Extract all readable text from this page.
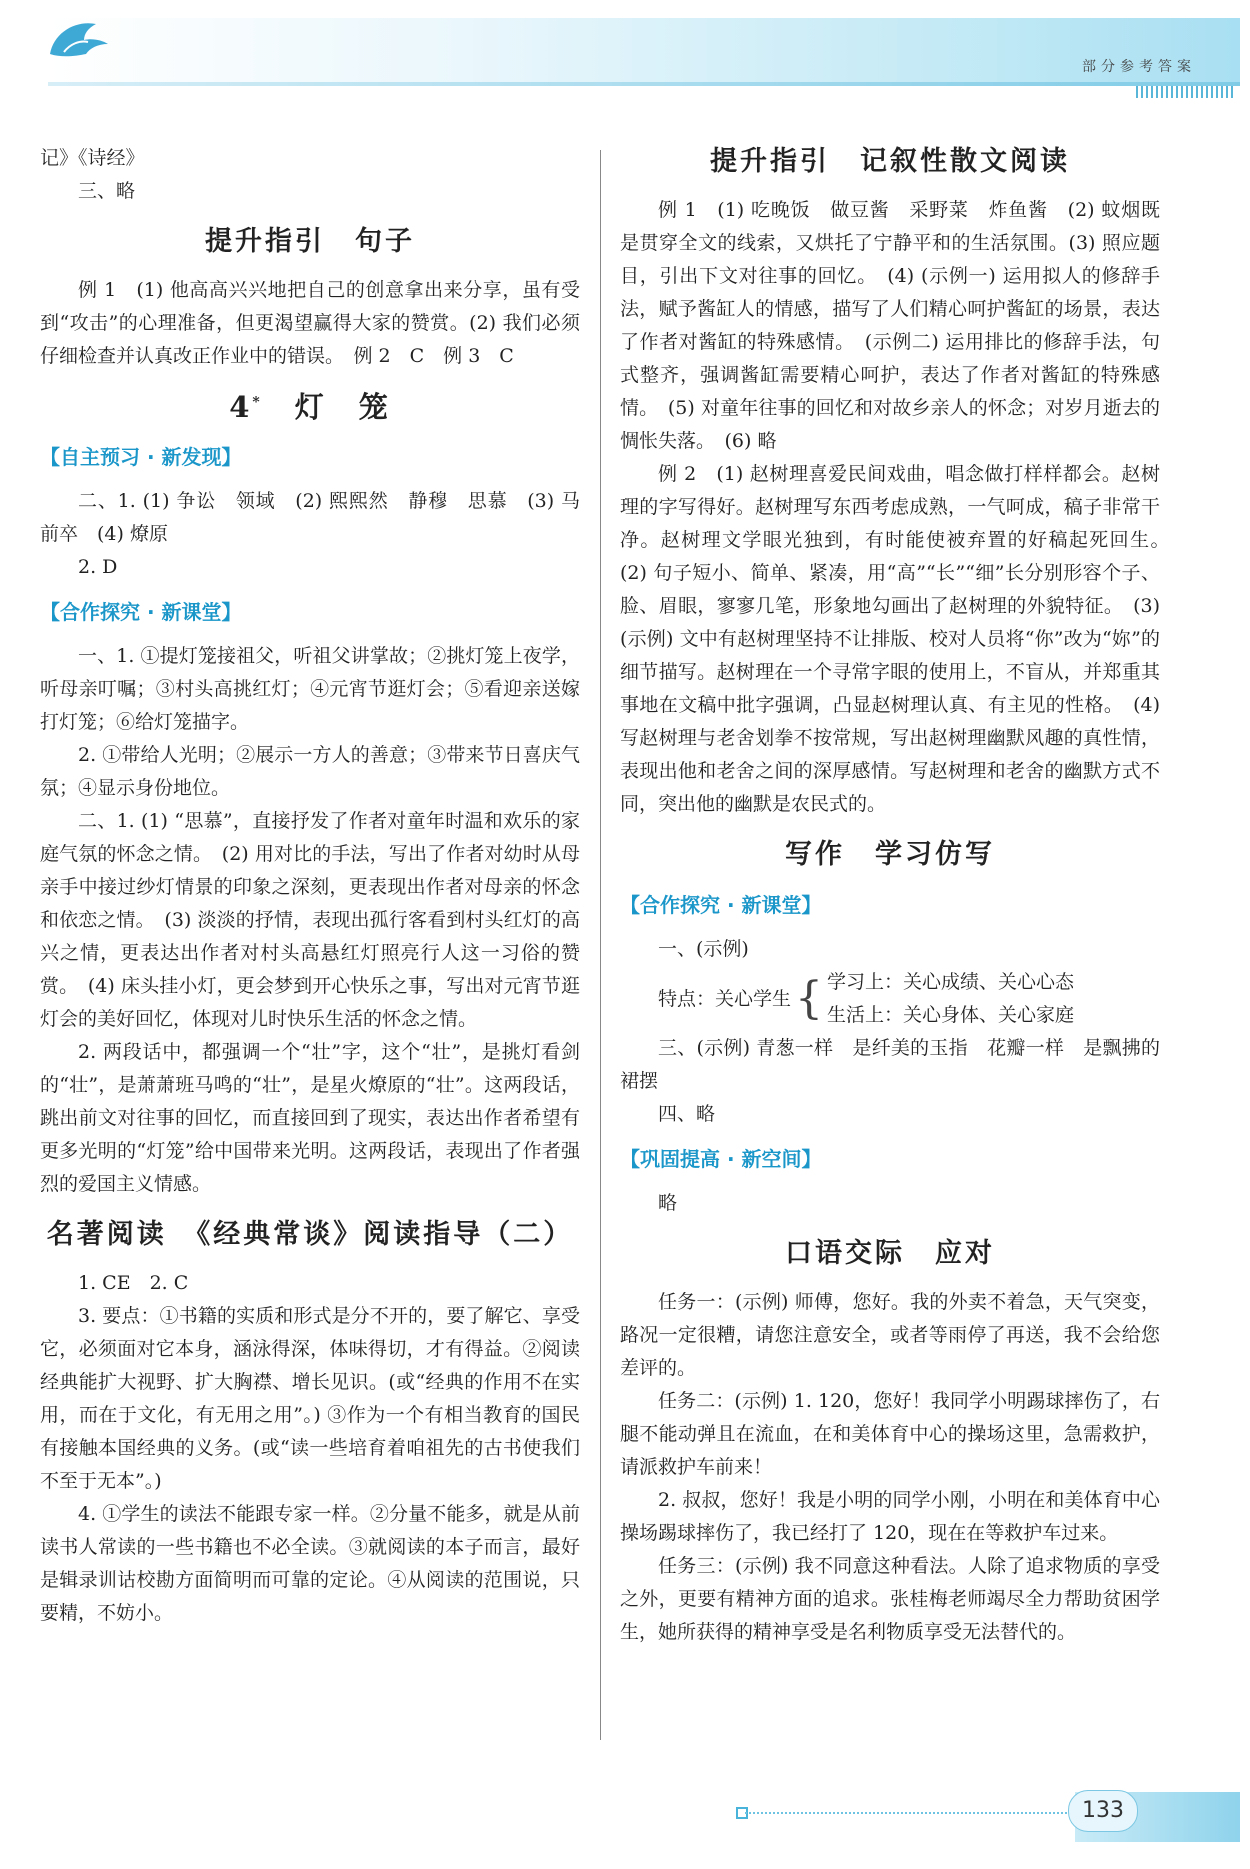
部分参考答案

记》《诗经》

三、略

提升指引　句子

例 1　(1) 他高高兴兴地把自己的创意拿出来分享，虽有受到“攻击”的心理准备，但更渴望赢得大家的赞赏。(2) 我们必须仔细检查并认真改正作业中的错误。　例 2　C　例 3　C

4*　灯　笼
【自主预习 · 新发现】

二、1. (1) 争讼　领域　(2) 熙熙然　静穆　思慕　(3) 马前卒　(4) 燎原

2. D

【合作探究 · 新课堂】

一、1. ①提灯笼接祖父，听祖父讲掌故；②挑灯笼上夜学，听母亲叮嘱；③村头高挑红灯；④元宵节逛灯会；⑤看迎亲送嫁打灯笼；⑥给灯笼描字。

2. ①带给人光明；②展示一方人的善意；③带来节日喜庆气氛；④显示身份地位。

二、1. (1) “思慕”，直接抒发了作者对童年时温和欢乐的家庭气氛的怀念之情。　(2) 用对比的手法，写出了作者对幼时从母亲手中接过纱灯情景的印象之深刻，更表现出作者对母亲的怀念和依恋之情。　(3) 淡淡的抒情，表现出孤行客看到村头红灯的高兴之情，更表达出作者对村头高悬红灯照亮行人这一习俗的赞赏。　(4) 床头挂小灯，更会梦到开心快乐之事，写出对元宵节逛灯会的美好回忆，体现对儿时快乐生活的怀念之情。

2. 两段话中，都强调一个“壮”字，这个“壮”，是挑灯看剑的“壮”，是萧萧班马鸣的“壮”，是星火燎原的“壮”。这两段话，跳出前文对往事的回忆，而直接回到了现实，表达出作者希望有更多光明的“灯笼”给中国带来光明。这两段话，表现出了作者强烈的爱国主义情感。

名著阅读　《经典常谈》阅读指导（二）

1. CE　2. C

3. 要点：①书籍的实质和形式是分不开的，要了解它、享受它，必须面对它本身，涵泳得深，体味得切，才有得益。②阅读经典能扩大视野、扩大胸襟、增长见识。(或“经典的作用不在实用，而在于文化，有无用之用”。) ③作为一个有相当教育的国民有接触本国经典的义务。(或“读一些培育着咱祖先的古书使我们不至于无本”。)

4. ①学生的读法不能跟专家一样。②分量不能多，就是从前读书人常读的一些书籍也不必全读。③就阅读的本子而言，最好是辑录训诂校勘方面简明而可靠的定论。④从阅读的范围说，只要精，不妨小。

提升指引　记叙性散文阅读

例 1　(1) 吃晚饭　做豆酱　采野菜　炸鱼酱　(2) 蚊烟既是贯穿全文的线索，又烘托了宁静平和的生活氛围。(3) 照应题目，引出下文对往事的回忆。　(4) (示例一) 运用拟人的修辞手法，赋予酱缸人的情感，描写了人们精心呵护酱缸的场景，表达了作者对酱缸的特殊感情。　(示例二) 运用排比的修辞手法，句式整齐，强调酱缸需要精心呵护，表达了作者对酱缸的特殊感情。　(5) 对童年往事的回忆和对故乡亲人的怀念；对岁月逝去的惆怅失落。　(6) 略

例 2　(1) 赵树理喜爱民间戏曲，唱念做打样样都会。赵树理的字写得好。赵树理写东西考虑成熟，一气呵成，稿子非常干净。赵树理文学眼光独到，有时能使被弃置的好稿起死回生。　(2) 句子短小、简单、紧凑，用“高”“长”“细”长分别形容个子、脸、眉眼，寥寥几笔，形象地勾画出了赵树理的外貌特征。　(3) (示例) 文中有赵树理坚持不让排版、校对人员将“你”改为“妳”的细节描写。赵树理在一个寻常字眼的使用上，不盲从，并郑重其事地在文稿中批字强调，凸显赵树理认真、有主见的性格。　(4) 写赵树理与老舍划拳不按常规，写出赵树理幽默风趣的真性情，表现出他和老舍之间的深厚感情。写赵树理和老舍的幽默方式不同，突出他的幽默是农民式的。

写作　学习仿写
【合作探究 · 新课堂】

一、(示例)

特点：关心学生 { 学习上：关心成绩、关心心态
生活上：关心身体、关心家庭

三、(示例) 青葱一样　是纤美的玉指　花瓣一样　是飘拂的裙摆

四、略

【巩固提高 · 新空间】

略

口语交际　应对

任务一：(示例) 师傅，您好。我的外卖不着急，天气突变，路况一定很糟，请您注意安全，或者等雨停了再送，我不会给您差评的。

任务二：(示例) 1. 120，您好！我同学小明踢球摔伤了，右腿不能动弹且在流血，在和美体育中心的操场这里，急需救护，请派救护车前来！

2. 叔叔，您好！我是小明的同学小刚，小明在和美体育中心操场踢球摔伤了，我已经打了 120，现在在等救护车过来。

任务三：(示例) 我不同意这种看法。人除了追求物质的享受之外，更要有精神方面的追求。张桂梅老师竭尽全力帮助贫困学生，她所获得的精神享受是名利物质享受无法替代的。

133
